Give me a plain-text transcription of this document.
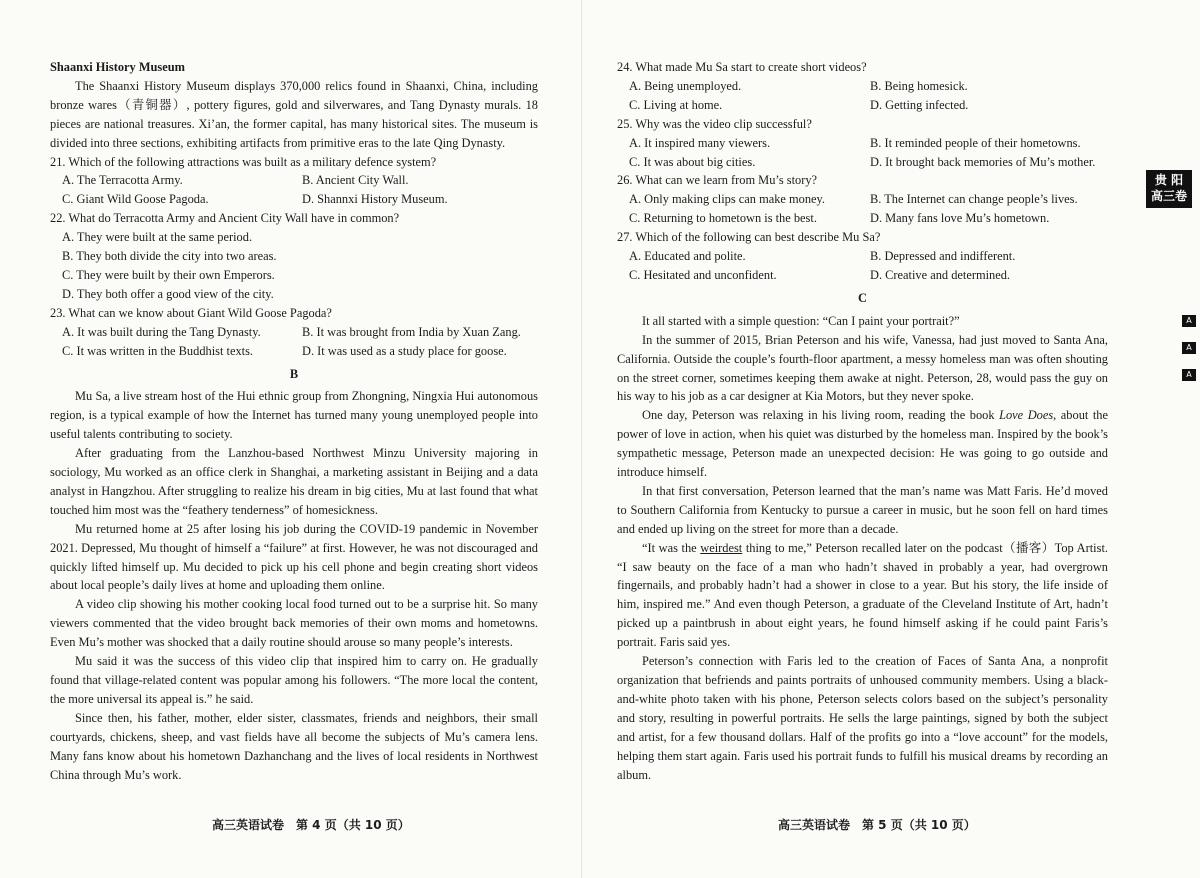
Shaanxi History Museum

The Shaanxi History Museum displays 370,000 relics found in Shaanxi, China, including bronze wares（青铜器）, pottery figures, gold and silverwares, and Tang Dynasty murals. 18 pieces are national treasures. Xi’an, the former capital, has many historical sites. The museum is divided into three sections, exhibiting artifacts from primitive eras to the late Qing Dynasty.

21. Which of the following attractions was built as a military defence system?

A. The Terracotta Army.	B. Ancient City Wall.
C. Giant Wild Goose Pagoda.	D. Shannxi History Museum.

22. What do Terracotta Army and Ancient City Wall have in common?

A. They were built at the same period.
B. They both divide the city into two areas.
C. They were built by their own Emperors.
D. They both offer a good view of the city.

23. What can we know about Giant Wild Goose Pagoda?

A. It was built during the Tang Dynasty.	B. It was brought from India by Xuan Zang.
C. It was written in the Buddhist texts.	D. It was used as a study place for goose.

B

Mu Sa, a live stream host of the Hui ethnic group from Zhongning, Ningxia Hui autonomous region, is a typical example of how the Internet has turned many young unemployed people into useful talents contributing to society.

After graduating from the Lanzhou-based Northwest Minzu University majoring in sociology, Mu worked as an office clerk in Shanghai, a marketing assistant in Beijing and a data analyst in Hangzhou. After struggling to realize his dream in big cities, Mu at last found that what touched him most was the “feathery tenderness” of homesickness.

Mu returned home at 25 after losing his job during the COVID-19 pandemic in November 2021. Depressed, Mu thought of himself a “failure” at first. However, he was not discouraged and quickly lifted himself up. Mu decided to pick up his cell phone and begin creating short videos about local people’s daily lives at home and uploading them online.

A video clip showing his mother cooking local food turned out to be a surprise hit. So many viewers commented that the video brought back memories of their own moms and hometowns. Even Mu’s mother was shocked that a daily routine should arouse so many people’s interests.

Mu said it was the success of this video clip that inspired him to carry on. He gradually found that village-related content was popular among his followers. “The more local the content, the more universal its appeal is.” he said.

Since then, his father, mother, elder sister, classmates, friends and neighbors, their small courtyards, chickens, sheep, and vast fields have all become the subjects of Mu’s camera lens. Many fans know about his hometown Dazhanchang and the lives of local residents in Northwest China through Mu’s work.

24. What made Mu Sa start to create short videos?

A. Being unemployed.	B. Being homesick.
C. Living at home.	D. Getting infected.

25. Why was the video clip successful?

A. It inspired many viewers.	B. It reminded people of their hometowns.
C. It was about big cities.	D. It brought back memories of Mu’s mother.

26. What can we learn from Mu’s story?

A. Only making clips can make money.	B. The Internet can change people’s lives.
C. Returning to hometown is the best.	D. Many fans love Mu’s hometown.

27. Which of the following can best describe Mu Sa?

A. Educated and polite.	B. Depressed and indifferent.
C. Hesitated and unconfident.	D. Creative and determined.

C

It all started with a simple question: “Can I paint your portrait?”

In the summer of 2015, Brian Peterson and his wife, Vanessa, had just moved to Santa Ana, California. Outside the couple’s fourth-floor apartment, a messy homeless man was often shouting on the street corner, sometimes keeping them awake at night. Peterson, 28, would pass the guy on his way to his job as a car designer at Kia Motors, but they never spoke.

One day, Peterson was relaxing in his living room, reading the book Love Does, about the power of love in action, when his quiet was disturbed by the homeless man. Inspired by the book’s sympathetic message, Peterson made an unexpected decision: He was going to go outside and introduce himself.

In that first conversation, Peterson learned that the man’s name was Matt Faris. He’d moved to Southern California from Kentucky to pursue a career in music, but he soon fell on hard times and ended up living on the street for more than a decade.

“It was the weirdest thing to me,” Peterson recalled later on the podcast（播客）Top Artist. “I saw beauty on the face of a man who hadn’t shaved in probably a year, had overgrown fingernails, and probably hadn’t had a shower in close to a year. But his story, the life inside of him, inspired me.” And even though Peterson, a graduate of the Cleveland Institute of Art, hadn’t picked up a paintbrush in about eight years, he found himself asking if he could paint Faris’s portrait. Faris said yes.

Peterson’s connection with Faris led to the creation of Faces of Santa Ana, a nonprofit organization that befriends and paints portraits of unhoused community members. Using a black-and-white photo taken with his phone, Peterson selects colors based on the subject’s personality and story, resulting in powerful portraits. He sells the large paintings, signed by both the subject and artist, for a few thousand dollars. Half of the profits go into a “love account” for the models, helping them start again. Faris used his portrait funds to fulfill his musical dreams by recording an album.

高三英语试卷　第 4 页（共 10 页）	高三英语试卷　第 5 页（共 10 页）
贵 阳
高三卷
A
A
A
